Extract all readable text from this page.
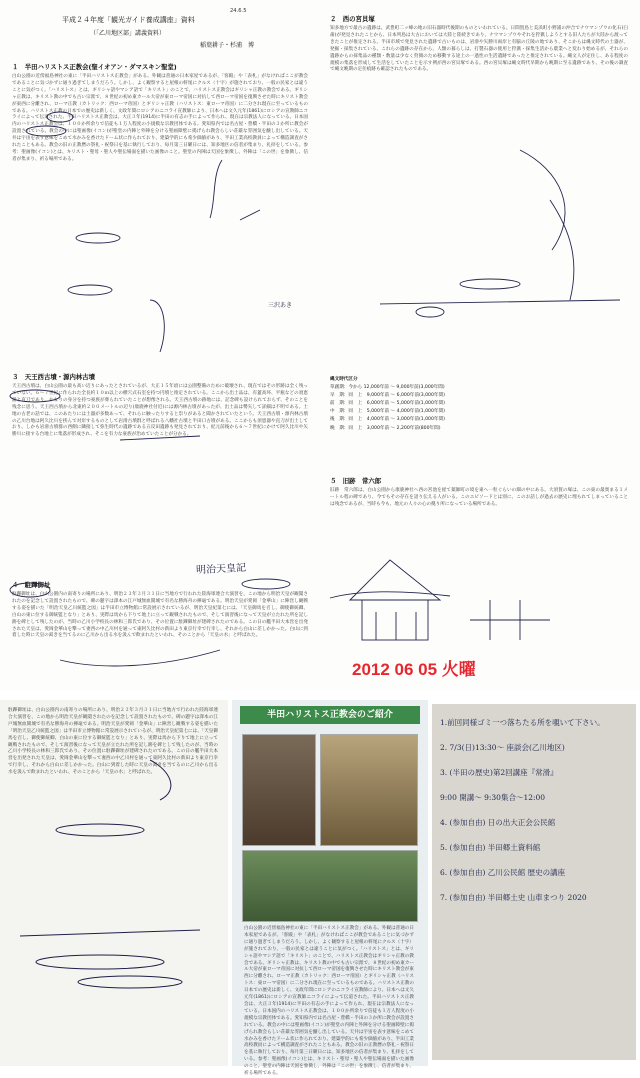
平成２４年度「観光ガイド養成講座」資料
（「乙川地区部」講義資料）
稲葉耕子・杉浦　博
１　半田ハリストス正教会(聖イオアン・ダマスキン聖堂)
白山公園の近傍福島神社の東に「半田ハリストス正教会」がある。外観は普通の日本家屋であるが、「客殿」や「表札」がなければここが教会であることに気づかずに通り過ぎてしまうだろう。しかし、よく観察すると屋根の軒尾にクルス（十字）が施されており、一般の民家とは違うことに気がつく。「ハリストス」とは、ギリシャ語やマシア語で「キリスト」のことで、ハリストス正教会はギリシャ正教の教会である。ギリシャ正教は、キリスト教の中でも古い宗派で、８世紀の初め東カール大帝が東ローマ帝国に対抗して西ローマ帝国を復興させた時にキリスト教会が東西に分離され、ローマ正教（カトリック：西ローマ帝国）とギリシャ正教（ハリストス：東ローマ帝国）に二分され現在に至っているものである。ハリストス正教の日本での歴史は新しく、文政年間にロシアのニコライ宣教師により、日本へは文久元年(1861)にロシアの宣教師ニコライによって伝道された。半田ハリストス正教会は、大正３年(1914)に半田の有志の手によって作られ、現在は宗教法人になっている。日本国内のハリストス正教会は、１００か所余りで信徒も１万人程度の小規模な宗教団体である。愛知県内では名古屋・豊橋・半田の３か所に教会が設置されている。教会の中には聖画像(イコン)が聖堂の内陣と外陣を分ける聖画障壁に掲げられ教会らしい荘厳な雰囲気を醸し出している。天井は宇宙を表す意味をこめて水かみを香けたドーム状に作られており、建築学的にも希少価値があり、半田工業高校教員によって構造調査がされたこともある。教会の旧の正教暦の祭礼・祝祭日を基に執行しており、毎月第三日曜日には、知多地区の信者が集まり、礼拝をしている。参考：聖画像(イコン)とは、キリスト・聖母・聖人や聖伝場面を描いた画像のこと。聖堂の内陣は天国を象徴し、外陣は「この世」を象徴し、信者が集まり、祈る場所である。
３　天王西古墳・源内林古墳
天王西古墳は、白山公園の最も高い辺りにあったとされているが、大正１５年頃には公園整備のために破壊され、現在ではその形跡は全く残っていない。６〜７世紀に作られた全長約１０ｍ以上の横穴式石室を持つ円墳と推定されている。ここから出土品は、有蓋高坏、平瓶などの須恵器と直刀であり、かなりの身分を持つ豪族が葬られていたことが想像される。天王西古墳の跡地には、記念碑も設けられておらず、そのことを残念に思う。天王西古墳から北東約２００メートルの辺り(康鹿神社付近)には源内林古墳があったが、出土品は勢矢して詳細は不明である。土地の古老の話では、このあたりには土器が多数あって、それらに触ったりすると祟りがあると聞かされていたという。天王西古墳・源内林古墳の乙川台地は阿久比川を挟んで対岸するものとして岩滑古墳群と呼ばれる八幡社古墳と半田口古墳がある。ここからも須恵器や直刀が出土しており、しかも岩滑古墳群の西側に隣接して弥生時代の遺跡である五反田遺跡も発見されており、紀元前後から６〜７世紀にかけて阿久比川や矢勝川に接する台地上に集落が形成され、そこを有力な豪族が治めていたことが分かる。
４　駐蹕御址
駐蹕御址は、白山公園内の南寄りの場所にあり、明治２３年３月３１日に当地方で行われた陸海軍連合大演習を、この地から明治天皇が観閲されたのを記念して設置されたもので、碑の題字は澤本の江戸城無血開城で有名な勝海舟の揮毫である。明治天皇が愛岡「金華山」に陣営し観戦する姿を描いた「明治天皇乙川統監之図」は半田市立博物館に常設展示されているが、明治天皇紀第七には、「天皇御馬を召し、御使御統卿、白山の東に位する御統監となり」とあり、実際は馬から下りて地上に立って観戦されたもので、そして演習後になって天皇が立たれた所を記し跡を碑として残したのが、当時の乙川小学校長の林和三郎氏であり、その位置に駐蹕御址が建碑されたのである。この日の艦半田大本営を出発された天皇は、愛岡金華山を撃って妻西の中乙川村を通って東阿久比村の新田より東京行幸で行幸し、それから白山に差しかかった。白山に到着した時に天皇の渇きを当てるのに乙川から出る水を汲んで飲まれたといわれ、そのことから「天皇の水」と呼ばれた。
明治天皇記
三沢あき
24.6.5
２　西の宮貝塚
知多地方で最古の遺跡は、武豊町二ッ峰の地の旧石器時代後期のものといわれている。日間賀島と美浜町小野浦の沖合でナウマンゾウの化石(臼歯)が発見されたことから、日本列島は大古においては大陸と陸続きであり、ナウマンゾウやそれを狩猟しようとする旧人たちが大陸から渡ってきたことが推定される。半田市域で発見された遺跡で古いものは、岩滑や矢勝川両岸と有脇の丘陵の地であり、そこからは縄文時代の土器が、発掘・採集されている。これらの遺跡の存在から、人類の暮らしは、打製石器の使用と狩猟・採集生活から農業へと変わり始めるが、それらの遺跡からの採集品の種類・数量は少なく狩猟のため移動する途上の一過性の生活遺跡であったと推定されている。縄文人が定住し、ある程度の規模の集落を形成して生活をしていたことを示す例が西の宮貝塚である。西の宮貝塚は縄文時代早期から晩期に至る遺跡であり、その後の調査で縄文晩期の定住痕跡も確認されたものである。
５　旧跡　常六郎
旧跡　常六郎は、白山公園から康鹿神社へ西の宮池を経て薬師町の境を東へ一粒ぐらいの畑の中にある。大須賀の塚は、この東の最奥まる１メートル程の碑であり、今でもその存在を語り伝える人がいる。このエピソードとは別に、このお話しが過去の歴史に埋もれてしまっていることは残念であるが、当時も今も、地元の人々の心の拠り所になっている場所である。
縄文時代区分
草創期：今から 12,000年前 〜 9,000年前(3,000年間)
早　期：同　上　9,000年前 〜 6,000年前(3,000年間)
前　期：同　上　6,000年前 〜 5,000年前(1,000年間)
中　期：同　上　5,000年前 〜 4,000年前(1,000年間)
後　期：同　上　4,000年前 〜 3,000年前(1,000年間)
晩　期：同　上　3,000年前 〜 2,200年前(800年間)
2012 06 05 火曜
駐蹕御址は、白山公園内の南寄りの場所にあり、明治２３年３月３１日に当地方で行われた陸海軍連合大演習を、この地から明治天皇が観閲されたのを記念して設置されたもので、碑の題字は澤本の江戸城無血開城で有名な勝海舟の揮毫である。明治天皇が愛岡「金華山」に陣営し観戦する姿を描いた「明治天皇乙川統監之図」は半田市立博物館に常設展示されているが、明治天皇紀第七には、「天皇御馬を召し、御使御統卿、白山の東に位する御統監となり」とあり、実際は馬から下りて地上に立って観戦されたもので、そして演習後になって天皇が立たれた所を記し跡を碑として残したのが、当時の乙川小学校長の林和三郎氏であり、その位置に駐蹕御址が建碑されたのである。この日の艦半田大本営を出発された天皇は、愛岡金華山を撃って妻西の中乙川村を通って東阿久比村の新田より東京行幸で行幸し、それから白山に差しかかった。白山に到着した時に天皇の渇きを当てるのに乙川から出る水を汲んで飲まれたといわれ、そのことから「天皇の水」と呼ばれた。
半田ハリストス正教会のご紹介
白山公園の近傍福島神社の東に「半田ハリストス正教会」がある。外観は普通の日本家屋であるが、「客殿」や「表札」がなければここが教会であることに気づかずに通り過ぎてしまうだろう。しかし、よく観察すると屋根の軒尾にクルス（十字）が施されており、一般の民家とは違うことに気がつく。「ハリストス」とは、ギリシャ語やマシア語で「キリスト」のことで、ハリストス正教会はギリシャ正教の教会である。ギリシャ正教は、キリスト教の中でも古い宗派で、８世紀の初め東カール大帝が東ローマ帝国に対抗して西ローマ帝国を復興させた時にキリスト教会が東西に分離され、ローマ正教（カトリック：西ローマ帝国）とギリシャ正教（ハリストス：東ローマ帝国）に二分され現在に至っているものである。ハリストス正教の日本での歴史は新しく、文政年間にロシアのニコライ宣教師により、日本へは文久元年(1861)にロシアの宣教師ニコライによって伝道された。半田ハリストス正教会は、大正３年(1914)に半田の有志の手によって作られ、現在は宗教法人になっている。日本国内のハリストス正教会は、１００か所余りで信徒も１万人程度の小規模な宗教団体である。愛知県内では名古屋・豊橋・半田の３か所に教会が設置されている。教会の中には聖画像(イコン)が聖堂の内陣と外陣を分ける聖画障壁に掲げられ教会らしい荘厳な雰囲気を醸し出している。天井は宇宙を表す意味をこめて水かみを香けたドーム状に作られており、建築学的にも希少価値があり、半田工業高校教員によって構造調査がされたこともある。教会の旧の正教暦の祭礼・祝祭日を基に執行しており、毎月第三日曜日には、知多地区の信者が集まり、礼拝をしている。参考：聖画像(イコン)とは、キリスト・聖母・聖人や聖伝場面を描いた画像のこと。聖堂の内陣は天国を象徴し、外陣は「この世」を象徴し、信者が集まり、祈る場所である。
1.前回同様ゴミ一つ落ちたる所を覗いて下さい。
2. 7/3(日)13:30〜 座談会(乙川地区)
3. (半田の歴史)第2回講座『常滑』
9:00 開講〜 9:30集合〜12:00
4. (参加自由) 日の出大正会公民館
5. (参加自由) 半田郷土資料館
6. (参加自由) 乙川公民館 歴史の講座
7. (参加自由) 半田郷土史 山車まつり 2020
